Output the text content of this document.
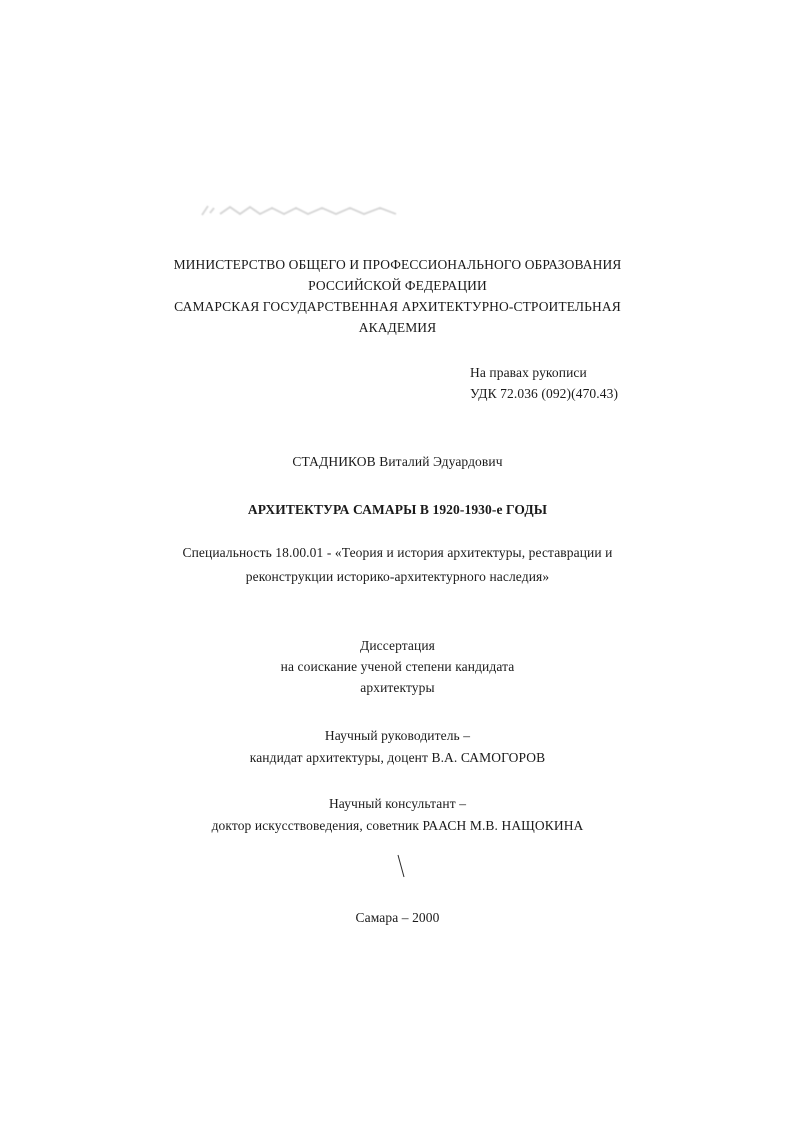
МИНИСТЕРСТВО ОБЩЕГО И ПРОФЕССИОНАЛЬНОГО ОБРАЗОВАНИЯ
РОССИЙСКОЙ ФЕДЕРАЦИИ
САМАРСКАЯ ГОСУДАРСТВЕННАЯ АРХИТЕКТУРНО-СТРОИТЕЛЬНАЯ
АКАДЕМИЯ
На правах рукописи
УДК 72.036 (092)(470.43)
СТАДНИКОВ Виталий Эдуардович
АРХИТЕКТУРА САМАРЫ В 1920-1930-е ГОДЫ
Специальность 18.00.01 - «Теория и история архитектуры, реставрации и
реконструкции историко-архитектурного наследия»
Диссертация
на соискание ученой степени кандидата
архитектуры
Научный руководитель –
кандидат архитектуры, доцент В.А. САМОГОРОВ
Научный консультант –
доктор искусствоведения, советник РААСН М.В. НАЩОКИНА
Самара – 2000
